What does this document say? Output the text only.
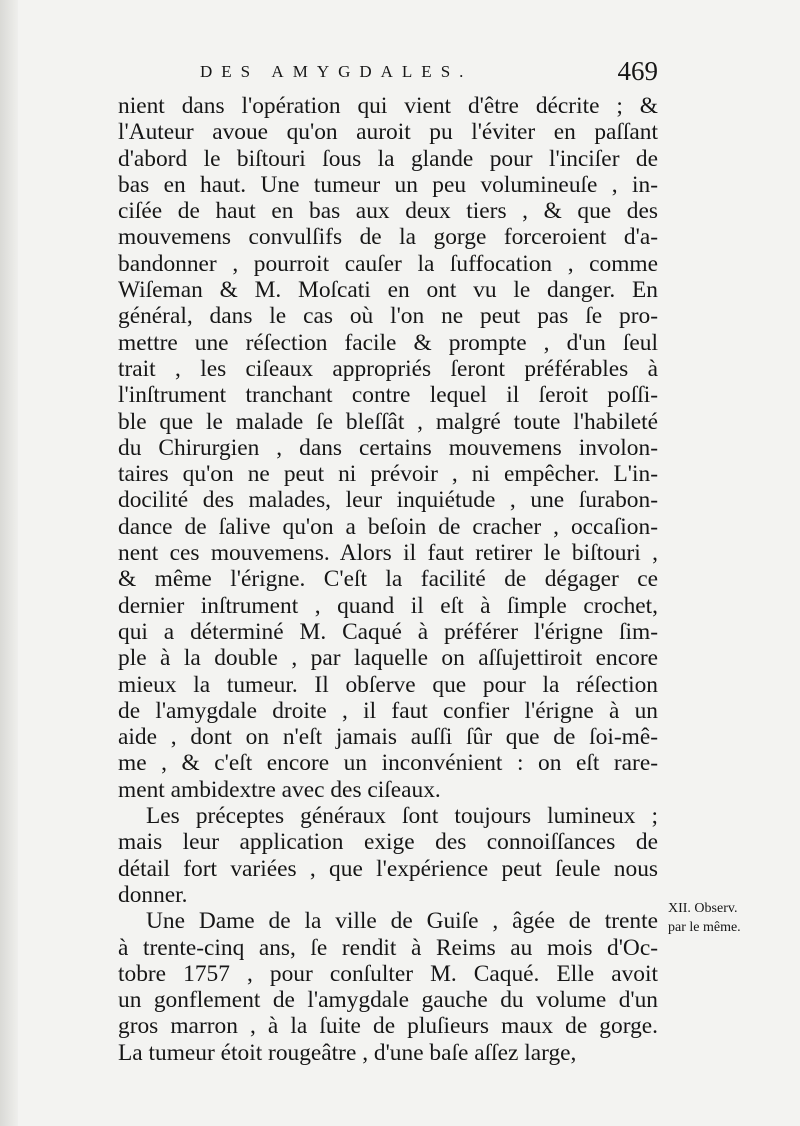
DES AMYGDALES.	469
nient dans l'opération qui vient d'être décrite ; &
l'Auteur avoue qu'on auroit pu l'éviter en paſſant
d'abord le biſtouri ſous la glande pour l'inciſer de
bas en haut. Une tumeur un peu volumineuſe , in-
ciſée de haut en bas aux deux tiers , & que des
mouvemens convulſifs de la gorge forceroient d'a-
bandonner , pourroit cauſer la ſuffocation , comme
Wiſeman & M. Moſcati en ont vu le danger. En
général, dans le cas où l'on ne peut pas ſe pro-
mettre une réſection facile & prompte , d'un ſeul
trait , les ciſeaux appropriés ſeront préférables à
l'inſtrument tranchant contre lequel il ſeroit poſſi-
ble que le malade ſe bleſſât , malgré toute l'habileté
du Chirurgien , dans certains mouvemens involon-
taires qu'on ne peut ni prévoir , ni empêcher. L'in-
docilité des malades, leur inquiétude , une ſurabon-
dance de ſalive qu'on a beſoin de cracher , occaſion-
nent ces mouvemens. Alors il faut retirer le biſtouri ,
& même l'érigne. C'eſt la facilité de dégager ce
dernier inſtrument , quand il eſt à ſimple crochet,
qui a déterminé M. Caqué à préférer l'érigne ſim-
ple à la double , par laquelle on aſſujettiroit encore
mieux la tumeur. Il obſerve que pour la réſection
de l'amygdale droite , il faut confier l'érigne à un
aide , dont on n'eſt jamais auſſi ſûr que de ſoi-mê-
me , & c'eſt encore un inconvénient : on eſt rare-
ment ambidextre avec des ciſeaux.
Les préceptes généraux ſont toujours lumineux ;
mais leur application exige des connoiſſances de
détail fort variées , que l'expérience peut ſeule nous
donner.
Une Dame de la ville de Guiſe , âgée de trente
à trente-cinq ans, ſe rendit à Reims au mois d'Oc-
tobre 1757 , pour conſulter M. Caqué. Elle avoit
un gonflement de l'amygdale gauche du volume d'un
gros marron , à la ſuite de pluſieurs maux de gorge.
La tumeur étoit rougeâtre , d'une baſe aſſez large,
XII. Observ.
par le même.
